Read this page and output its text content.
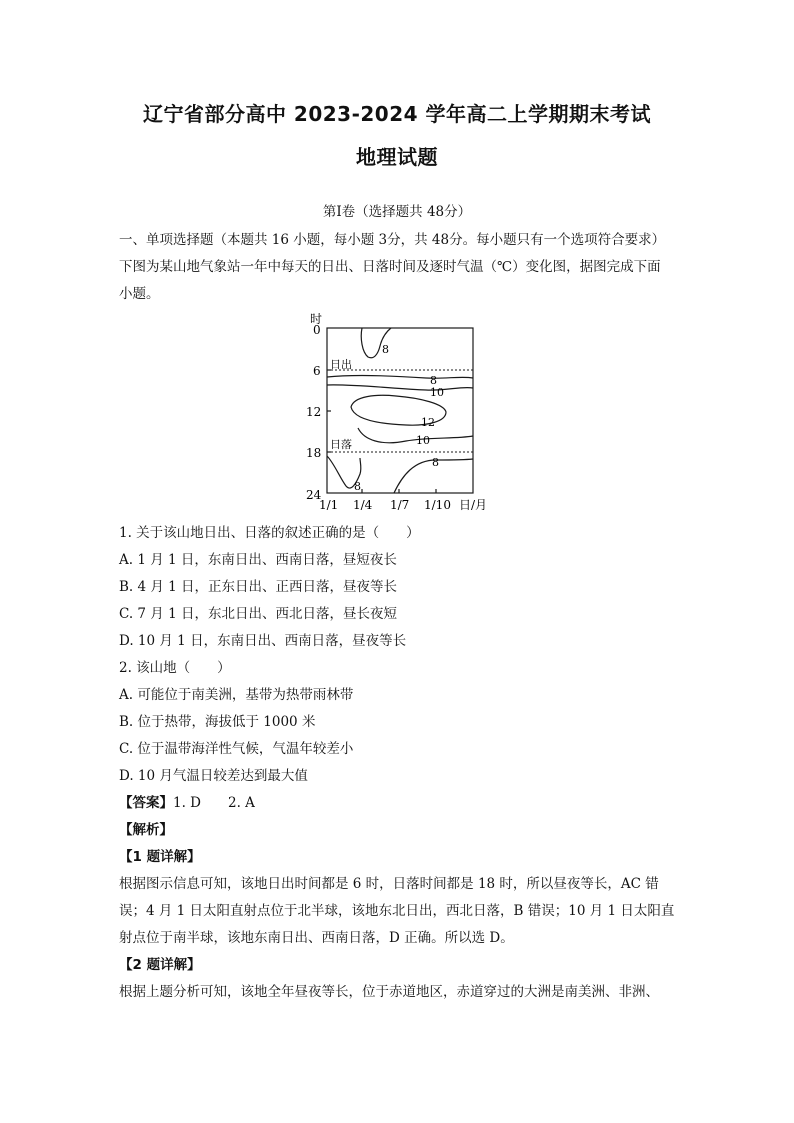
辽宁省部分高中 2023-2024 学年高二上学期期末考试
地理试题
第Ⅰ卷（选择题共 48分）
一、单项选择题（本题共 16 小题，每小题 3分，共 48分。每小题只有一个选项符合要求）
下图为某山地气象站一年中每天的日出、日落时间及逐时气温（℃）变化图，据图完成下面
小题。
时
0
6
12
18
24
1/1 1/4 1/7 1/10 日/月
日出
日落
8
8
10
12
10
8
8
1. 关于该山地日出、日落的叙述正确的是（　　）
A. 1 月 1 日，东南日出、西南日落，昼短夜长
B. 4 月 1 日，正东日出、正西日落，昼夜等长
C. 7 月 1 日，东北日出、西北日落，昼长夜短
D. 10 月 1 日，东南日出、西南日落，昼夜等长
2. 该山地（　　）
A. 可能位于南美洲，基带为热带雨林带
B. 位于热带，海拔低于 1000 米
C. 位于温带海洋性气候，气温年较差小
D. 10 月气温日较差达到最大值
【答案】1. D　　2. A
【解析】
【1 题详解】
根据图示信息可知，该地日出时间都是 6 时，日落时间都是 18 时，所以昼夜等长，AC 错
误；4 月 1 日太阳直射点位于北半球，该地东北日出，西北日落，B 错误；10 月 1 日太阳直
射点位于南半球，该地东南日出、西南日落，D 正确。所以选 D。
【2 题详解】
根据上题分析可知，该地全年昼夜等长，位于赤道地区，赤道穿过的大洲是南美洲、非洲、
